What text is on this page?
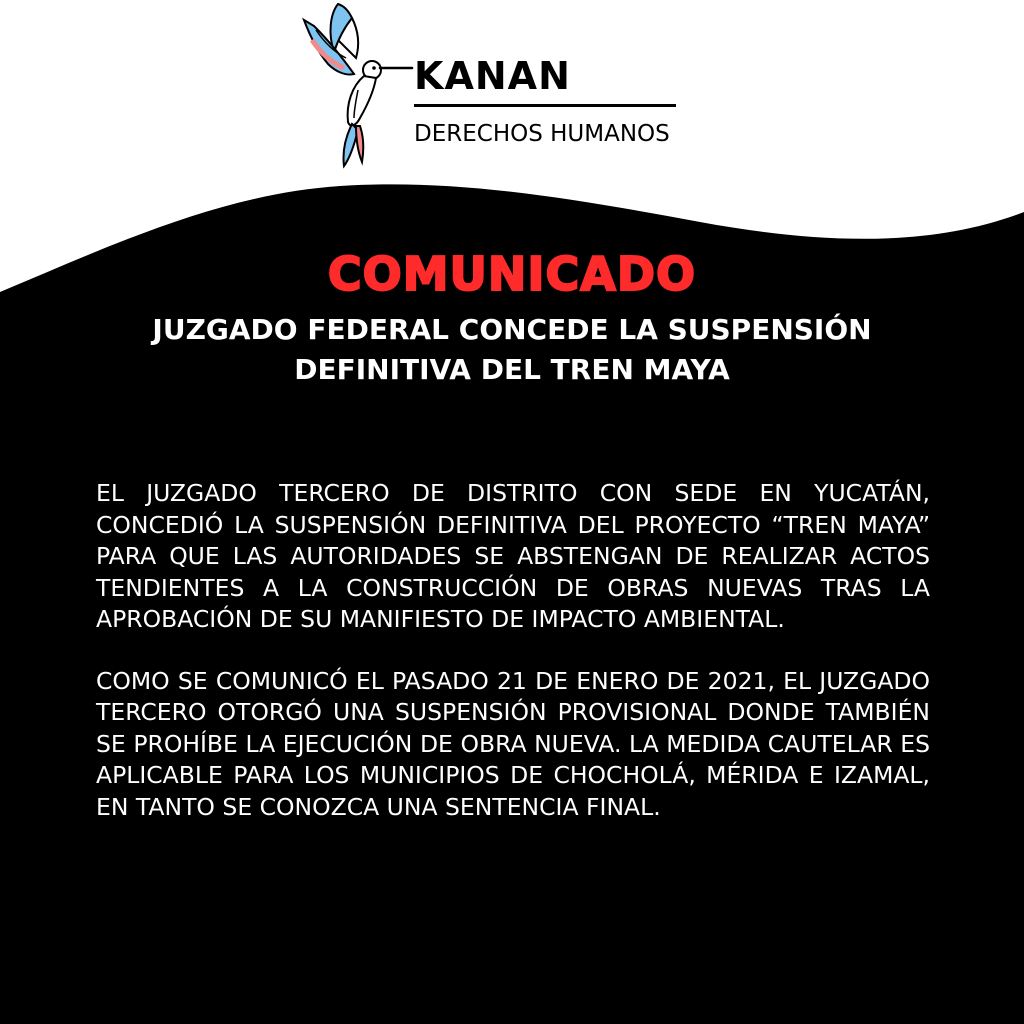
KANAN

DERECHOS HUMANOS

COMUNICADO
JUZGADO FEDERAL CONCEDE LA SUSPENSIÓN DEFINITIVA DEL TREN MAYA

EL JUZGADO TERCERO DE DISTRITO CON SEDE EN YUCATÁN, CONCEDIÓ LA SUSPENSIÓN DEFINITIVA DEL PROYECTO “TREN MAYA” PARA QUE LAS AUTORIDADES SE ABSTENGAN DE REALIZAR ACTOS TENDIENTES A LA CONSTRUCCIÓN DE OBRAS NUEVAS TRAS LA APROBACIÓN DE SU MANIFIESTO DE IMPACTO AMBIENTAL.

COMO SE COMUNICÓ EL PASADO 21 DE ENERO DE 2021, EL JUZGADO TERCERO OTORGÓ UNA SUSPENSIÓN PROVISIONAL DONDE TAMBIÉN SE PROHÍBE LA EJECUCIÓN DE OBRA NUEVA. LA MEDIDA CAUTELAR ES APLICABLE PARA LOS MUNICIPIOS DE CHOCHOLÁ, MÉRIDA E IZAMAL, EN TANTO SE CONOZCA UNA SENTENCIA FINAL.
